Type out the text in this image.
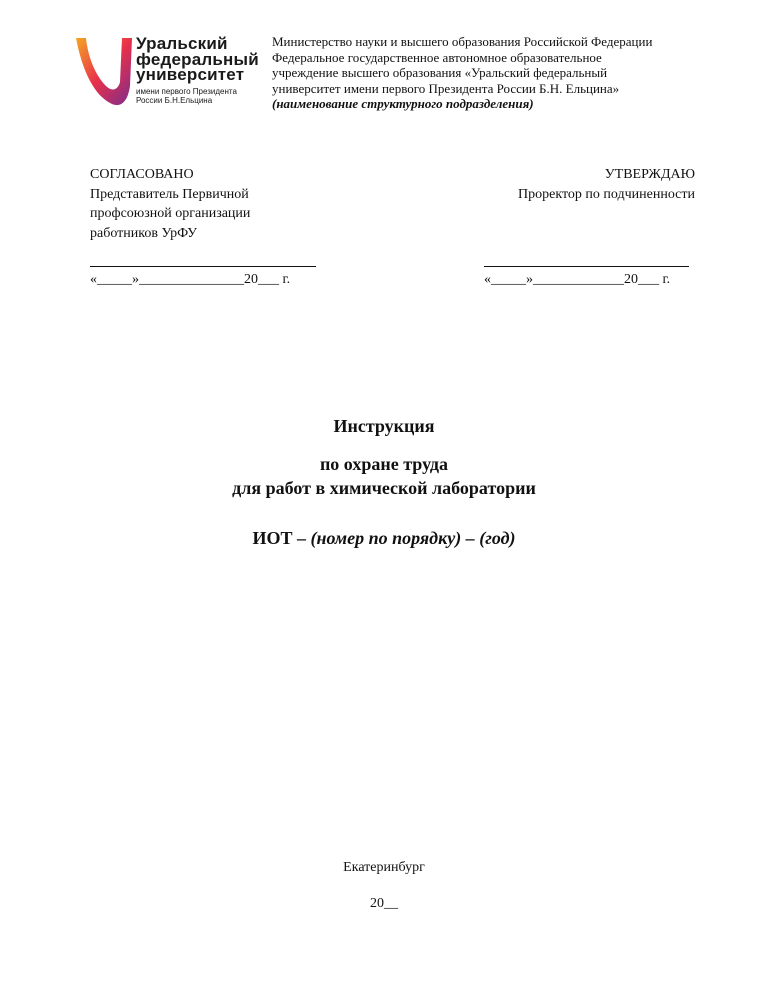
Уральский
федеральный
университет
имени первого Президента
России Б.Н.Ельцина
Министерство науки и высшего образования Российской Федерации
Федеральное государственное автономное образовательное
учреждение высшего образования «Уральский федеральный
университет имени первого Президента России Б.Н. Ельцина»
(наименование структурного подразделения)
СОГЛАСОВАНО
Представитель Первичной
профсоюзной организации
работников УрФУ
«_____»_______________20___ г.
УТВЕРЖДАЮ
Проректор по подчиненности
«_____»_____________20___ г.
Инструкция
по охране труда
для работ в химической лаборатории
ИОТ – (номер по порядку) – (год)
Екатеринбург
20__
